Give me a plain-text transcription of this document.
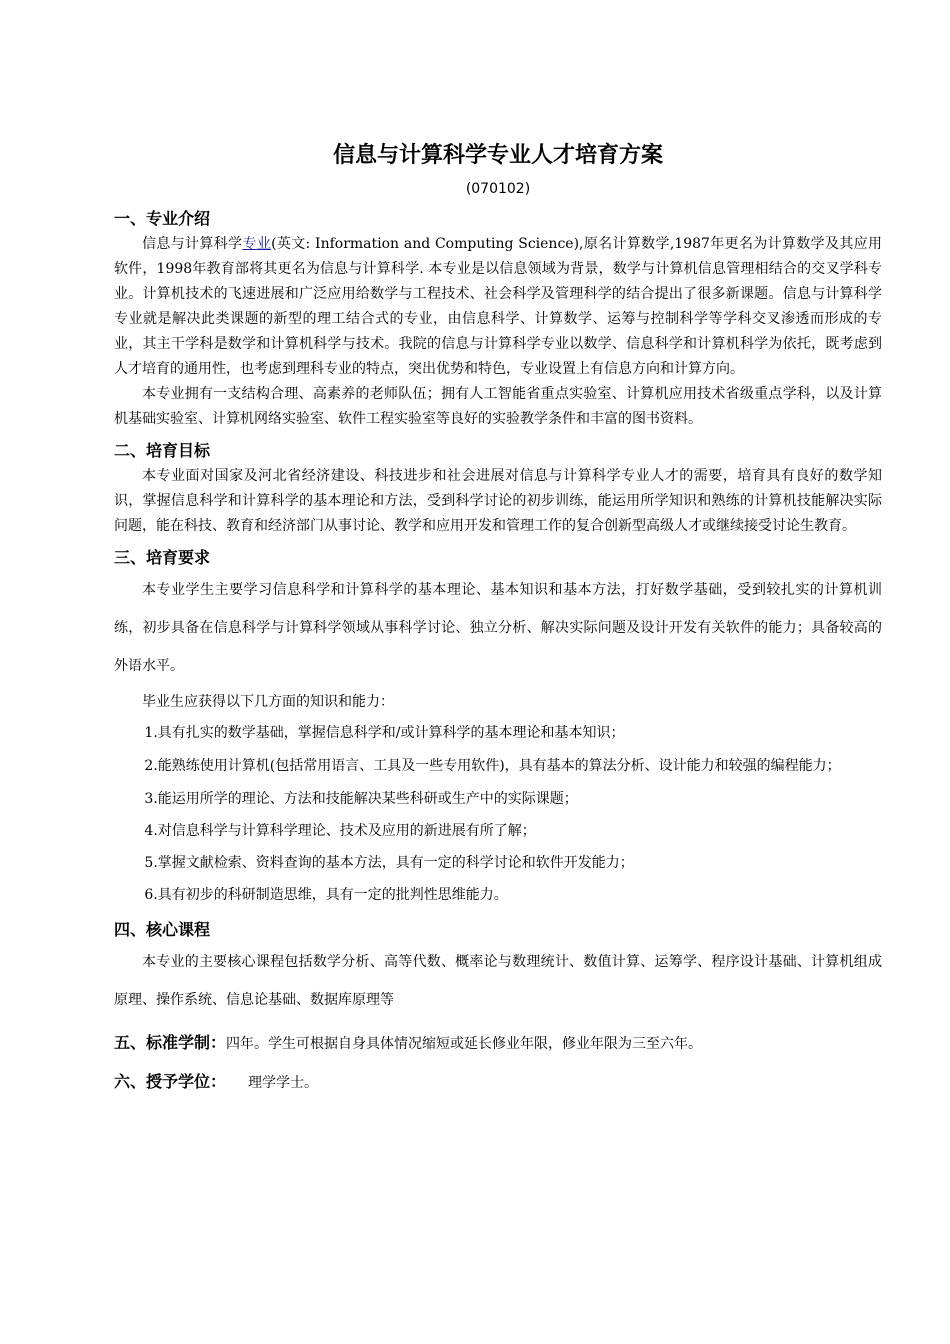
信息与计算科学专业人才培育方案
(070102)
一、专业介绍

信息与计算科学专业(英文: Information and Computing Science),原名计算数学,1987年更名为计算数学及其应用软件，1998年教育部将其更名为信息与计算科学. 本专业是以信息领域为背景，数学与计算机信息管理相结合的交叉学科专业。计算机技术的飞速进展和广泛应用给数学与工程技术、社会科学及管理科学的结合提出了很多新课题。信息与计算科学专业就是解决此类课题的新型的理工结合式的专业，由信息科学、计算数学、运筹与控制科学等学科交叉渗透而形成的专业，其主干学科是数学和计算机科学与技术。我院的信息与计算科学专业以数学、信息科学和计算机科学为依托，既考虑到人才培育的通用性，也考虑到理科专业的特点，突出优势和特色，专业设置上有信息方向和计算方向。

本专业拥有一支结构合理、高素养的老师队伍；拥有人工智能省重点实验室、计算机应用技术省级重点学科，以及计算机基础实验室、计算机网络实验室、软件工程实验室等良好的实验教学条件和丰富的图书资料。

二、培育目标

本专业面对国家及河北省经济建设、科技进步和社会进展对信息与计算科学专业人才的需要，培育具有良好的数学知识，掌握信息科学和计算科学的基本理论和方法，受到科学讨论的初步训练，能运用所学知识和熟练的计算机技能解决实际问题，能在科技、教育和经济部门从事讨论、教学和应用开发和管理工作的复合创新型高级人才或继续接受讨论生教育。

三、培育要求

本专业学生主要学习信息科学和计算科学的基本理论、基本知识和基本方法，打好数学基础，受到较扎实的计算机训练，初步具备在信息科学与计算科学领域从事科学讨论、独立分析、解决实际问题及设计开发有关软件的能力；具备较高的外语水平。

毕业生应获得以下几方面的知识和能力：

1.具有扎实的数学基础，掌握信息科学和/或计算科学的基本理论和基本知识；
2.能熟练使用计算机(包括常用语言、工具及一些专用软件)，具有基本的算法分析、设计能力和较强的编程能力；
3.能运用所学的理论、方法和技能解决某些科研或生产中的实际课题；
4.对信息科学与计算科学理论、技术及应用的新进展有所了解；
5.掌握文献检索、资料查询的基本方法，具有一定的科学讨论和软件开发能力；
6.具有初步的科研制造思维，具有一定的批判性思维能力。
四、核心课程

本专业的主要核心课程包括数学分析、高等代数、概率论与数理统计、数值计算、运筹学、程序设计基础、计算机组成原理、操作系统、信息论基础、数据库原理等

五、标准学制：四年。学生可根据自身具体情况缩短或延长修业年限，修业年限为三至六年。
六、授予学位： 理学学士。
